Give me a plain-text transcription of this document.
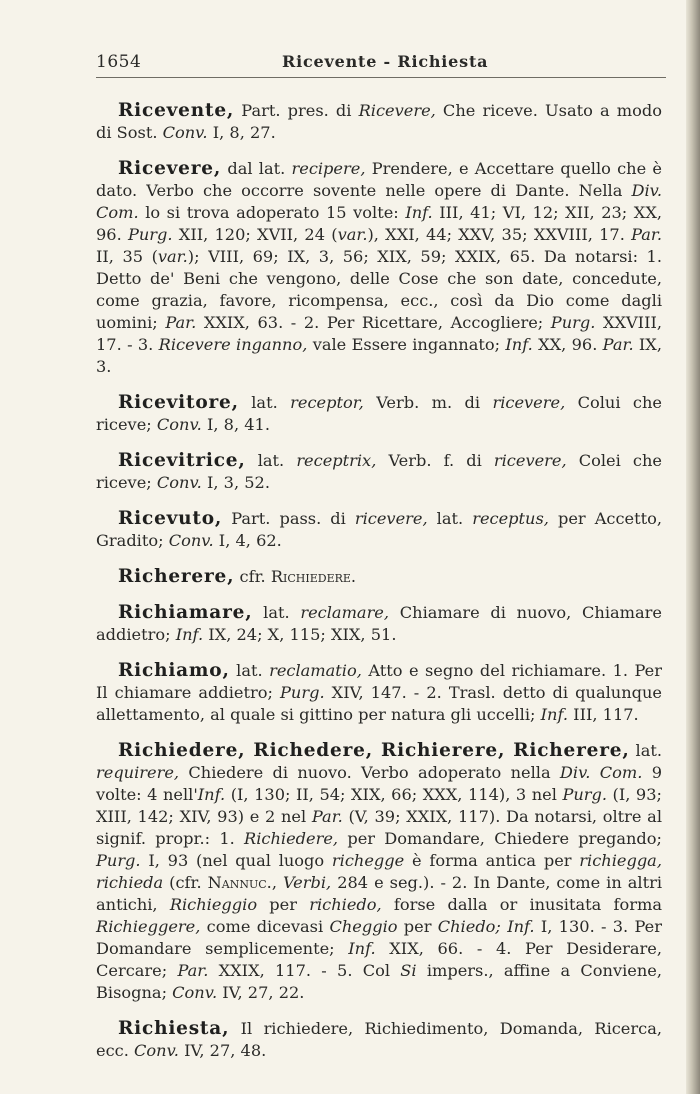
1654	Ricevente - Richiesta

Ricevente, Part. pres. di Ricevere, Che riceve. Usato a modo di Sost. Conv. I, 8, 27.

Ricevere, dal lat. recipere, Prendere, e Accettare quello che è dato. Verbo che occorre sovente nelle opere di Dante. Nella Div. Com. lo si trova adoperato 15 volte: Inf. III, 41; VI, 12; XII, 23; XX, 96. Purg. XII, 120; XVII, 24 (var.), XXI, 44; XXV, 35; XXVIII, 17. Par. II, 35 (var.); VIII, 69; IX, 3, 56; XIX, 59; XXIX, 65. Da notarsi: 1. Detto de' Beni che vengono, delle Cose che son date, concedute, come grazia, favore, ricompensa, ecc., così da Dio come dagli uomini; Par. XXIX, 63. - 2. Per Ricettare, Accogliere; Purg. XXVIII, 17. - 3. Ricevere inganno, vale Essere ingannato; Inf. XX, 96. Par. IX, 3.

Ricevitore, lat. receptor, Verb. m. di ricevere, Colui che riceve; Conv. I, 8, 41.

Ricevitrice, lat. receptrix, Verb. f. di ricevere, Colei che riceve; Conv. I, 3, 52.

Ricevuto, Part. pass. di ricevere, lat. receptus, per Accetto, Gradito; Conv. I, 4, 62.

Richerere, cfr. Richiedere.

Richiamare, lat. reclamare, Chiamare di nuovo, Chiamare addietro; Inf. IX, 24; X, 115; XIX, 51.

Richiamo, lat. reclamatio, Atto e segno del richiamare. 1. Per Il chiamare addietro; Purg. XIV, 147. - 2. Trasl. detto di qualunque allettamento, al quale si gittino per natura gli uccelli; Inf. III, 117.

Richiedere, Richedere, Richierere, Richerere, lat. requirere, Chiedere di nuovo. Verbo adoperato nella Div. Com. 9 volte: 4 nell'Inf. (I, 130; II, 54; XIX, 66; XXX, 114), 3 nel Purg. (I, 93; XIII, 142; XIV, 93) e 2 nel Par. (V, 39; XXIX, 117). Da notarsi, oltre al signif. propr.: 1. Richiedere, per Domandare, Chiedere pregando; Purg. I, 93 (nel qual luogo richegge è forma antica per richiegga, richieda (cfr. Nannuc., Verbi, 284 e seg.). - 2. In Dante, come in altri antichi, Richieggio per richiedo, forse dalla or inusitata forma Richieggere, come dicevasi Cheggio per Chiedo; Inf. I, 130. - 3. Per Domandare semplicemente; Inf. XIX, 66. - 4. Per Desiderare, Cercare; Par. XXIX, 117. - 5. Col Si impers., affine a Conviene, Bisogna; Conv. IV, 27, 22.

Richiesta, Il richiedere, Richiedimento, Domanda, Ricerca, ecc. Conv. IV, 27, 48.
